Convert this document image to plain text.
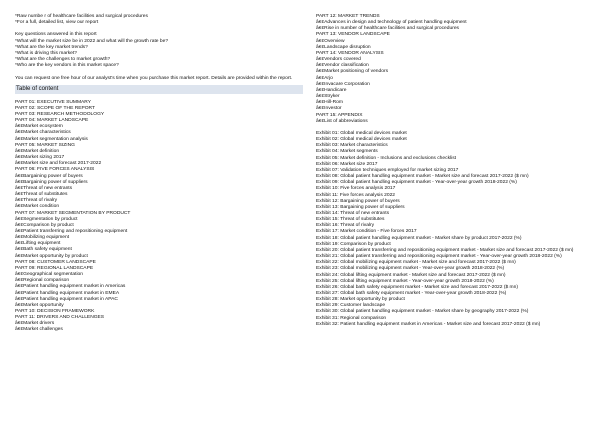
*Raw numbe r of healthcare facilities and surgical procedures

*For a full, detailed list, view our report

Key questions answered in this report

*What will the market size be in 2022 and what will the growth rate be?

*What are the key market trends?

*What is driving this market?

*What are the challenges to market growth?

*Who are the key vendors in this market space?

You can request one free hour of our analyst's time when you purchase this market report. Details are provided within the report.

Table of content

PART 01: EXECUTIVE SUMMARY

PART 02: SCOPE OF THE REPORT

PART 03: RESEARCH METHODOLOGY

PART 04: MARKET LANDSCAPE

â€¢Market ecosystem

â€¢Market characteristics

â€¢Market segmentation analysis

PART 05: MARKET SIZING

â€¢Market definition

â€¢Market sizing 2017

â€¢Market size and forecast 2017-2022

PART 06: FIVE FORCES ANALYSIS

â€¢Bargaining power of buyers

â€¢Bargaining power of suppliers

â€¢Threat of new entrants

â€¢Threat of substitutes

â€¢Threat of rivalry

â€¢Market condition

PART 07: MARKET SEGMENTATION BY PRODUCT

â€¢Segmentation by product

â€¢Comparison by product

â€¢Patient transferring and repositioning equipment

â€¢Mobilizing equipment

â€¢Lifting equipment

â€¢Bath safety equipment

â€¢Market opportunity by product

PART 08: CUSTOMER LANDSCAPE

PART 09: REGIONAL LANDSCAPE

â€¢Geographical segmentation

â€¢Regional comparison

â€¢Patient handling equipment market in Americas

â€¢Patient handling equipment market in EMEA

â€¢Patient handling equipment market in APAC

â€¢Market opportunity

PART 10: DECISION FRAMEWORK

PART 11: DRIVERS AND CHALLENGES

â€¢Market drivers

â€¢Market challenges

PART 12: MARKET TRENDS

â€¢Advances in design and technology of patient handling equipment

â€¢Rise in number of healthcare facilities and surgical procedures

PART 13: VENDOR LANDSCAPE

â€¢Overview

â€¢Landscape disruption

PART 14: VENDOR ANALYSIS

â€¢Vendors covered

â€¢Vendor classification

â€¢Market positioning of vendors

â€¢Arjo

â€¢Invacare Corporation

â€¢Handicare

â€¢Stryker

â€¢Hill-Rom

â€¢Investor

PART 15: APPENDIX

â€¢List of abbreviations

Exhibit 01: Global medical devices market

Exhibit 02: Global medical devices market

Exhibit 03: Market characteristics

Exhibit 04: Market segments

Exhibit 05: Market definition - Inclusions and exclusions checklist

Exhibit 06: Market size 2017

Exhibit 07: Validation techniques employed for market sizing 2017

Exhibit 08: Global patient handling equipment market - Market size and forecast 2017-2022 ($ mn)

Exhibit 09: Global patient handling equipment market - Year-over-year growth 2018-2022 (%)

Exhibit 10: Five forces analysis 2017

Exhibit 11: Five forces analysis 2022

Exhibit 12: Bargaining power of buyers

Exhibit 13: Bargaining power of suppliers

Exhibit 14: Threat of new entrants

Exhibit 15: Threat of substitutes

Exhibit 16: Threat of rivalry

Exhibit 17: Market condition - Five forces 2017

Exhibit 18: Global patient handling equipment market - Market share by product 2017-2022 (%)

Exhibit 19: Comparison by product

Exhibit 20: Global patient transferring and repositioning equipment market - Market size and forecast 2017-2022 ($ mn)

Exhibit 21: Global patient transferring and repositioning equipment market - Year-over-year growth 2018-2022 (%)

Exhibit 22: Global mobilizing equipment market - Market size and forecast 2017-2022 ($ mn)

Exhibit 23: Global mobilizing equipment market - Year-over-year growth 2018-2022 (%)

Exhibit 24: Global lifting equipment market - Market size and forecast 2017-2022 ($ mn)

Exhibit 25: Global lifting equipment market - Year-over-year growth 2018-2022 (%)

Exhibit 26: Global bath safety equipment market - Market size and forecast 2017-2022 ($ mn)

Exhibit 27: Global bath safety equipment market - Year-over-year growth 2018-2022 (%)

Exhibit 28: Market opportunity by product

Exhibit 29: Customer landscape

Exhibit 30: Global patient handling equipment market - Market share by geography 2017-2022 (%)

Exhibit 31: Regional comparison

Exhibit 32: Patient handling equipment market in Americas - Market size and forecast 2017-2022 ($ mn)
